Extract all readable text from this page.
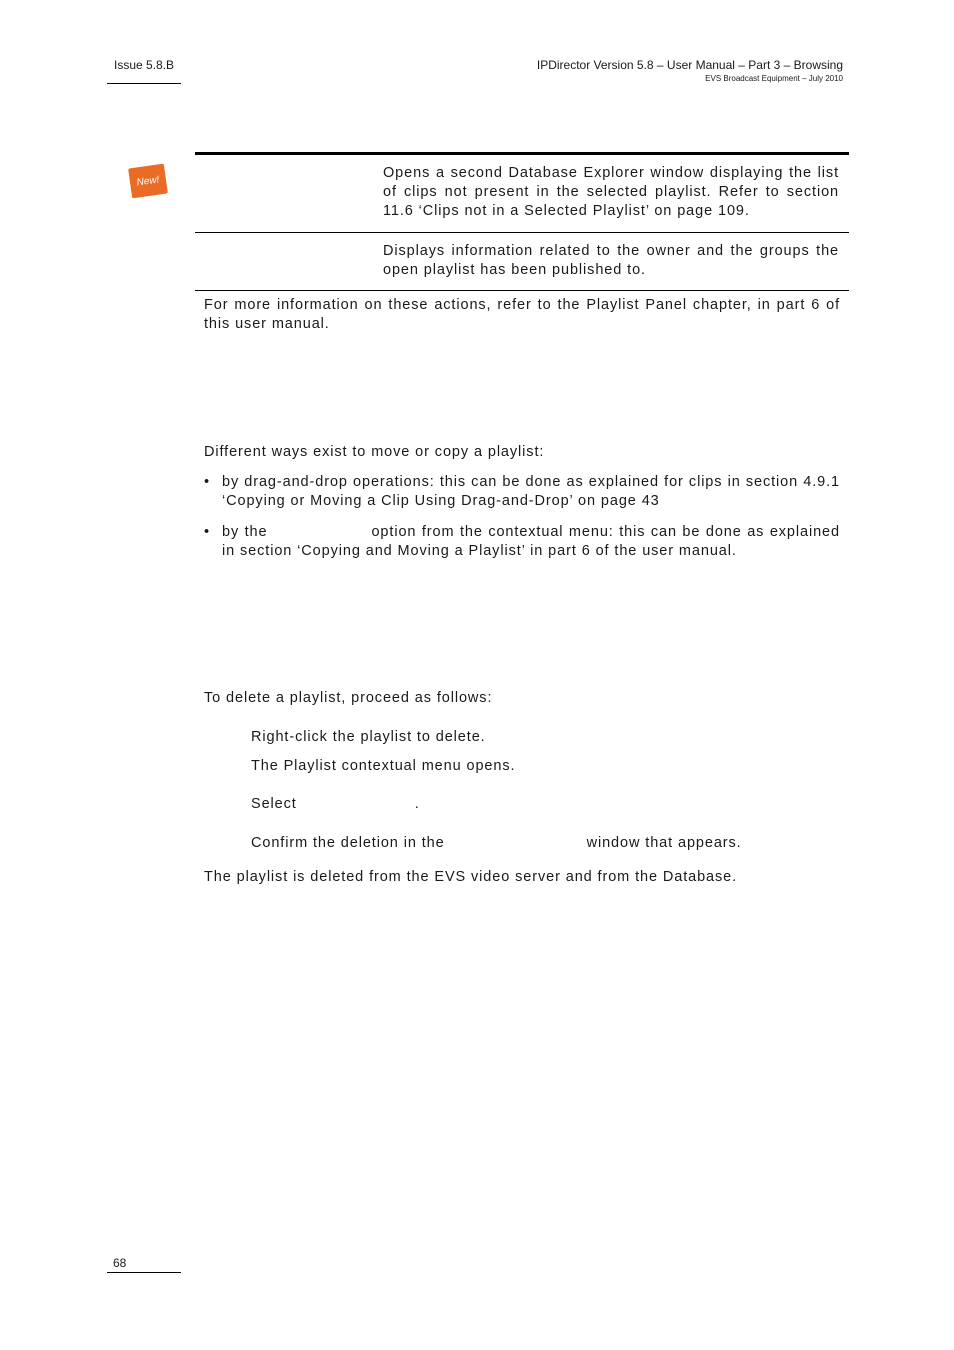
Issue 5.8.B	IPDirector Version 5.8 – User Manual – Part 3 – Browsing
EVS Broadcast Equipment – July 2010
New!
Opens a second Database Explorer window displaying the list of clips not present in the selected playlist. Refer to section 11.6 ‘Clips not in a Selected Playlist’ on page 109.
Displays information related to the owner and the groups the open playlist has been published to.
For more information on these actions, refer to the Playlist Panel chapter, in part 6 of this user manual.
Different ways exist to move or copy a playlist:
• by drag-and-drop operations: this can be done as explained for clips in section 4.9.1 ‘Copying or Moving a Clip Using Drag-and-Drop’ on page 43
• by the	option from the contextual menu: this can be done as explained in section ‘Copying and Moving a Playlist’ in part 6 of the user manual.
To delete a playlist, proceed as follows:
Right-click the playlist to delete.
The Playlist contextual menu opens.
Select	.
Confirm the deletion in the	window that appears.
The playlist is deleted from the EVS video server and from the Database.
68
